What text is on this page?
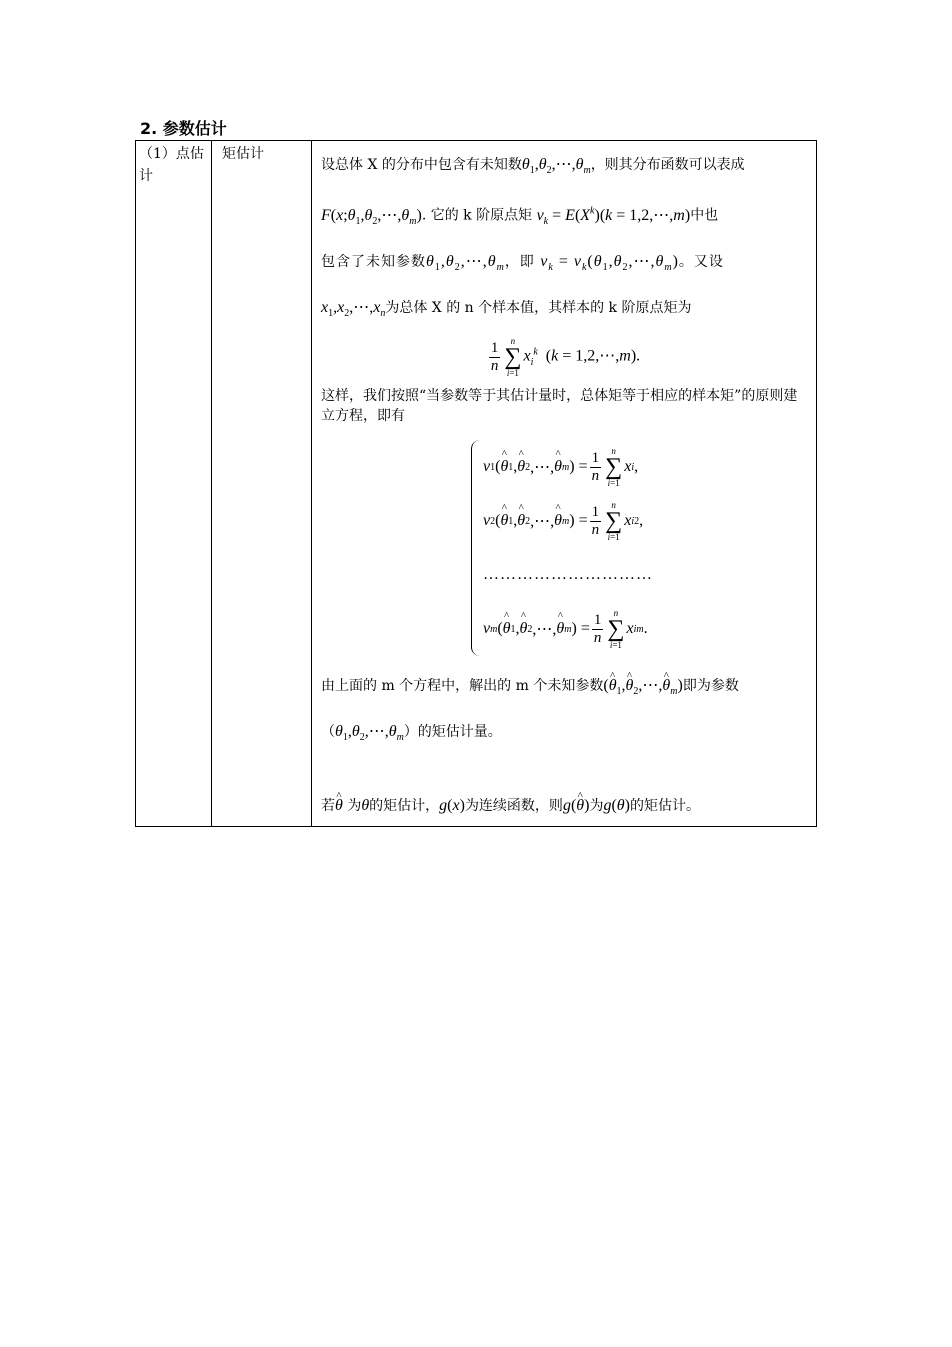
2. 参数估计
（1）点估计	矩估计	
设总体 X 的分布中包含有未知数$\theta_1,\theta_2,\cdots,\theta_m$，则其分布函数可以表成
$F(x;\theta_1,\theta_2,\cdots,\theta_m)$. 它的 k 阶原点矩 $v_k = E(X^k)(k$ = 1,2,⋯,m)中也
包含了未知参数$\theta_1,\theta_2,\cdots,\theta_m$，即 $v_k$ = $v_k(\theta_1,\theta_2,\cdots,\theta_m)$。又设
$x_1,x_2,\cdots,x_n$为总体 X 的 n 个样本值，其样本的 k 阶原点矩为
$\frac{1}{n}$ n
∑
$i=1x_i^k$  (k = 1,2,⋯,m).
这样，我们按照“当参数等于其估计量时，总体矩等于相应的样本矩”的原则建立方程，即有
v 1 ( ^ θ 1 , ^ θ 2 ,⋯, ^ θ m ) = $\frac{1}{n}$	n
∑
i=1
x i ,
v 2 ( ^ θ 1 , ^ θ 2 ,⋯, ^ θ m ) = $\frac{1}{n}$	n
∑
i=1
x i 2 ,
…………………………
v m ( ^ θ 1 , ^ θ 2 ,⋯, ^ θ m ) = $\frac{1}{n}$	n
∑
i=1
x i m .
由上面的 m 个方程中，解出的 m 个未知参数(^ $\theta_1,\^{}$ $\theta_2,\cdots,\^{}$ $\theta_m$)即为参数
$(\theta_1,\theta_2,\cdots,\theta_m)$的矩估计量。
若^ θ 为θ的矩估计，g(x)为连续函数，则g(^ θ)为g(θ)的矩估计。
